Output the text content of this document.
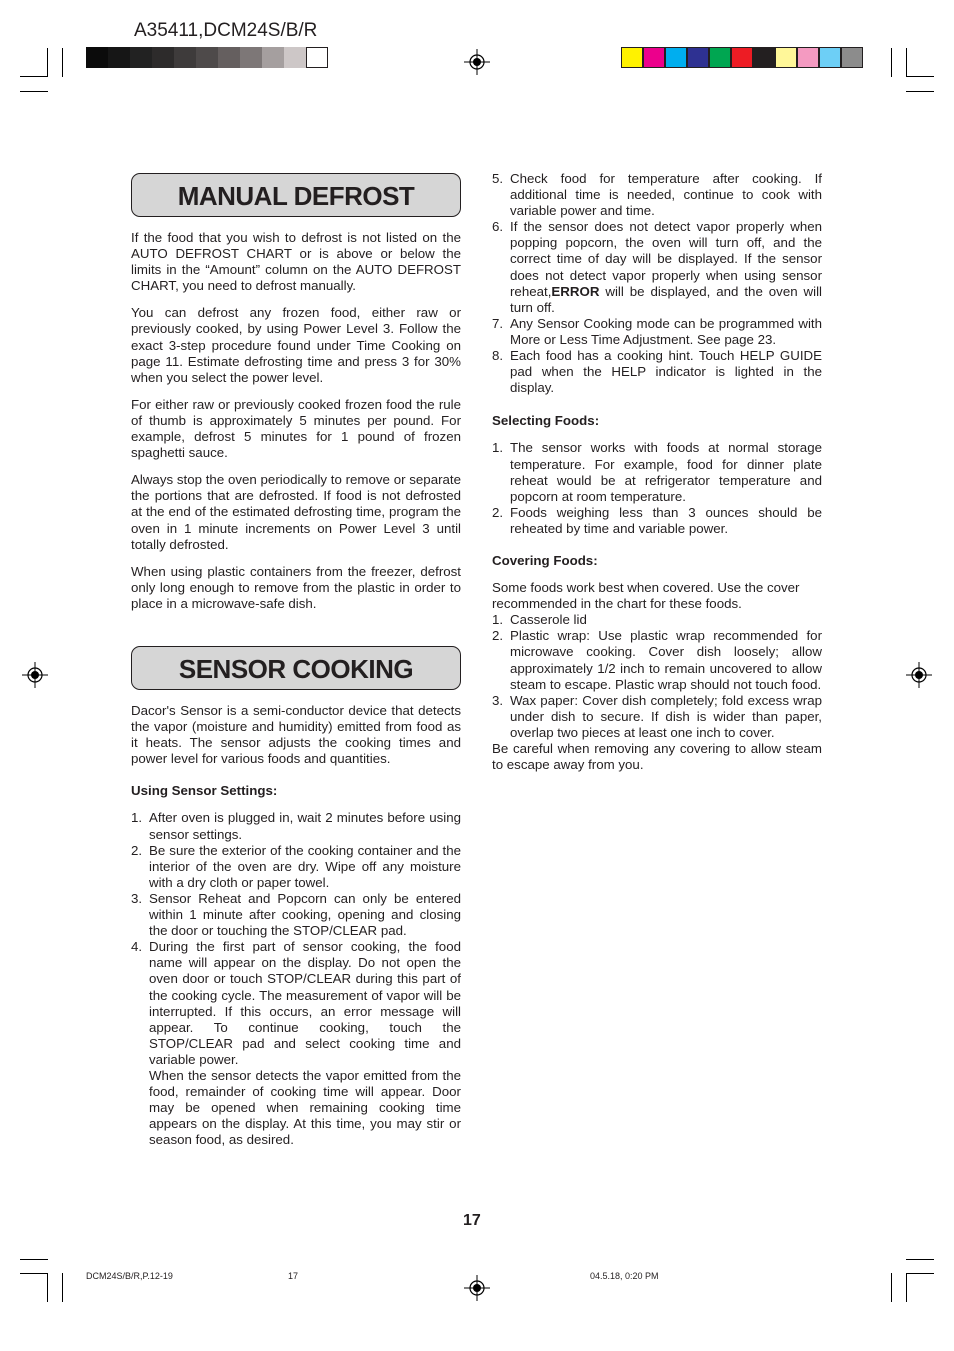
A35411,DCM24S/B/R
MANUAL DEFROST

If the food that you wish to defrost is not listed on the AUTO DEFROST CHART or is above or below the limits in the “Amount” column on the AUTO DEFROST CHART, you need to defrost manually.

You can defrost any frozen food, either raw or previously cooked, by using Power Level 3. Follow the exact 3-step procedure found under Time Cooking on page 11. Estimate defrosting time and press 3 for 30% when you select the power level.

For either raw or previously cooked frozen food the rule of thumb is approximately 5 minutes per pound. For example, defrost 5 minutes for 1 pound of frozen spaghetti sauce.

Always stop the oven periodically to remove or separate the portions that are defrosted. If food is not defrosted at the end of the estimated defrosting time, program the oven in 1 minute increments on Power Level 3 until totally defrosted.

When using plastic containers from the freezer, defrost only long enough to remove from the plastic in order to place in a microwave-safe dish.

SENSOR COOKING

Dacor's Sensor is a semi-conductor device that detects the vapor (moisture and humidity) emitted from food as it heats. The sensor adjusts the cooking times and power level for various foods and quantities.

Using Sensor Settings:

1. After oven is plugged in, wait 2 minutes before using sensor settings.
2. Be sure the exterior of the cooking container and the interior of the oven are dry. Wipe off any moisture with a dry cloth or paper towel.
3. Sensor Reheat and Popcorn can only be entered within 1 minute after cooking, opening and closing the door or touching the STOP/CLEAR pad.
4. During the first part of sensor cooking, the food name will appear on the display. Do not open the oven door or touch STOP/CLEAR during this part of the cooking cycle. The measurement of vapor will be interrupted. If this occurs, an error message will appear. To continue cooking, touch the STOP/CLEAR pad and select cooking time and variable power.
When the sensor detects the vapor emitted from the food, remainder of cooking time will appear. Door may be opened when remaining cooking time appears on the display. At this time, you may stir or season food, as desired.
5. Check food for temperature after cooking. If additional time is needed, continue to cook with variable power and time.
6. If the sensor does not detect vapor properly when popping popcorn, the oven will turn off, and the correct time of day will be displayed. If the sensor does not detect vapor properly when using sensor reheat,ERROR will be displayed, and the oven will turn off.
7. Any Sensor Cooking mode can be programmed with More or Less Time Adjustment. See page 23.
8. Each food has a cooking hint. Touch HELP GUIDE pad when the HELP indicator is lighted in the display.

Selecting Foods:

1. The sensor works with foods at normal storage temperature. For example, food for dinner plate reheat would be at refrigerator temperature and popcorn at room temperature.
2. Foods weighing less than 3 ounces should be reheated by time and variable power.

Covering Foods:

Some foods work best when covered. Use the cover recommended in the chart for these foods.

1. Casserole lid
2. Plastic wrap: Use plastic wrap recommended for microwave cooking. Cover dish loosely; allow approximately 1/2 inch to remain uncovered to allow steam to escape. Plastic wrap should not touch food.
3. Wax paper: Cover dish completely; fold excess wrap under dish to secure. If dish is wider than paper, overlap two pieces at least one inch to cover.

Be careful when removing any covering to allow steam to escape away from you.

17
DCM24S/B/R,P.12-19	17	04.5.18, 0:20 PM
